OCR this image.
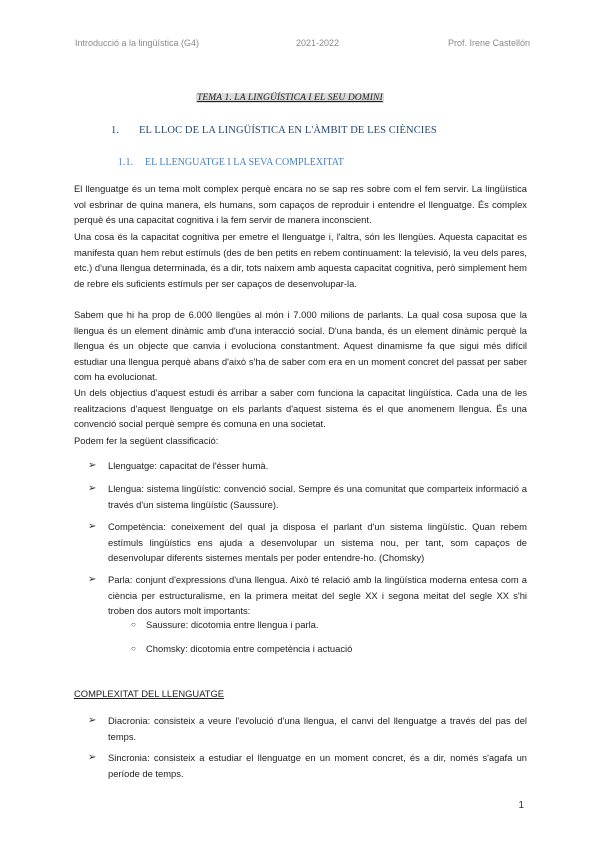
Introducció a la lingüística (G4)	2021-2022	Prof. Irene Castellón
TEMA 1. LA LINGÜÍSTICA I EL SEU DOMINI
1. EL LLOC DE LA LINGÜÍSTICA EN L'ÀMBIT DE LES CIÈNCIES
1.1. EL LLENGUATGE I LA SEVA COMPLEXITAT

El llenguatge és un tema molt complex perquè encara no se sap res sobre com el fem servir. La lingüística vol esbrinar de quina manera, els humans, som capaços de reproduir i entendre el llenguatge. És complex perquè és una capacitat cognitiva i la fem servir de manera inconscient.

Una cosa és la capacitat cognitiva per emetre el llenguatge i, l'altra, són les llengües. Aquesta capacitat es manifesta quan hem rebut estímuls (des de ben petits en rebem continuament: la televisió, la veu dels pares, etc.) d'una llengua determinada, és a dir, tots naixem amb aquesta capacitat cognitiva, però simplement hem de rebre els suficients estímuls per ser capaços de desenvolupar-la.

Sabem que hi ha prop de 6.000 llengües al món i 7.000 milions de parlants. La qual cosa suposa que la llengua és un element dinàmic amb d'una interacció social. D'una banda, és un element dinàmic perquè la llengua és un objecte que canvia i evoluciona constantment. Aquest dinamisme fa que sigui més difícil estudiar una llengua perquè abans d'això s'ha de saber com era en un moment concret del passat per saber com ha evolucionat.

Un dels objectius d'aquest estudi és arribar a saber com funciona la capacitat lingüística. Cada una de les realitzacions d'aquest llenguatge on els parlants d'aquest sistema és el que anomenem llengua. És una convenció social perquè sempre és comuna en una societat.

Podem fer la següent classificació:

➢ Llenguatge: capacitat de l'ésser humà.
➢ Llengua: sistema lingüístic: convenció social. Sempre és una comunitat que comparteix informació a través d'un sistema lingüístic (Saussure).
➢ Competència: coneixement del qual ja disposa el parlant d'un sistema lingüístic. Quan rebem estímuls lingüístics ens ajuda a desenvolupar un sistema nou, per tant, som capaços de desenvolupar diferents sistemes mentals per poder entendre-ho. (Chomsky)
➢ Parla: conjunt d'expressions d'una llengua. Això té relació amb la lingüística moderna entesa com a ciència per estructuralisme, en la primera meitat del segle XX i segona meitat del segle XX s'hi troben dos autors molt importants:
○ Saussure: dicotomia entre llengua i parla.
○ Chomsky: dicotomia entre competència i actuació
COMPLEXITAT DEL LLENGUATGE
➢ Diacronia: consisteix a veure l'evolució d'una llengua, el canvi del llenguatge a través del pas del temps.
➢ Sincronia: consisteix a estudiar el llenguatge en un moment concret, és a dir, només s'agafa un període de temps.
1
